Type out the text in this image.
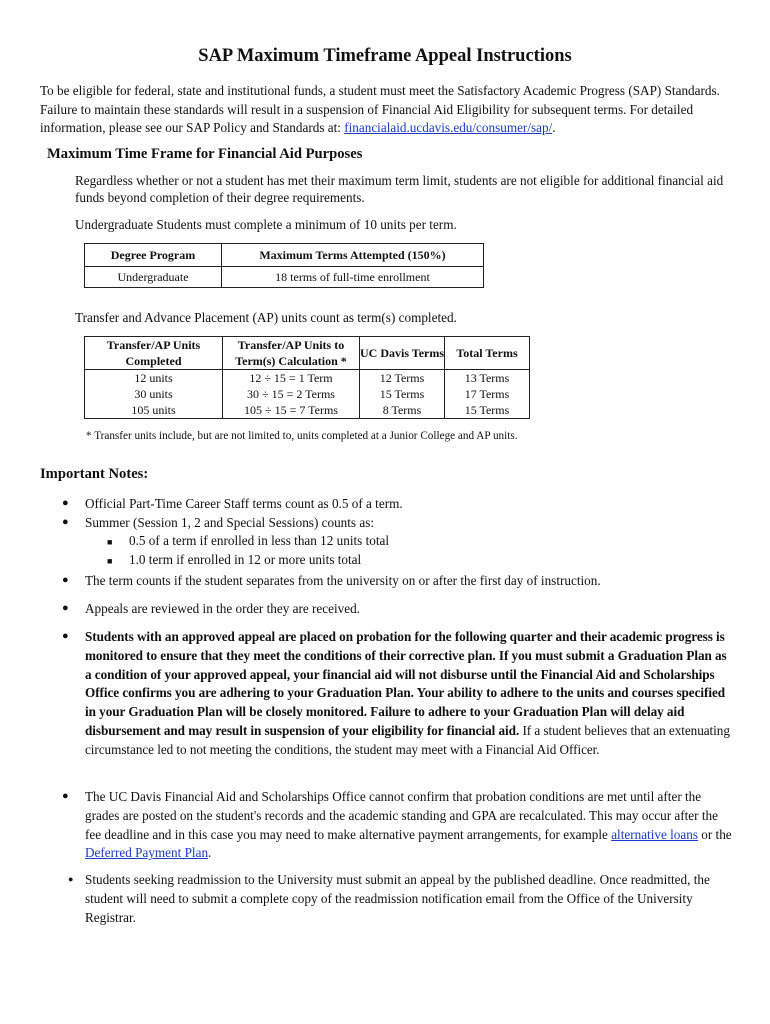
SAP Maximum Timeframe Appeal Instructions

To be eligible for federal, state and institutional funds, a student must meet the Satisfactory Academic Progress (SAP) Standards. Failure to maintain these standards will result in a suspension of Financial Aid Eligibility for subsequent terms. For detailed information, please see our SAP Policy and Standards at: financialaid.ucdavis.edu/consumer/sap/.

Maximum Time Frame for Financial Aid Purposes

Regardless whether or not a student has met their maximum term limit, students are not eligible for additional financial aid funds beyond completion of their degree requirements.

Undergraduate Students must complete a minimum of 10 units per term.

Degree Program	Maximum Terms Attempted (150%)
Undergraduate	18 terms of full-time enrollment

Transfer and Advance Placement (AP) units count as term(s) completed.

Transfer/AP Units Completed	Transfer/AP Units to Term(s) Calculation *	UC Davis Terms	Total Terms
12 units	12 ÷ 15 = 1 Term	12 Terms	13 Terms
30 units	30 ÷ 15 = 2 Terms	15 Terms	17 Terms
105 units	105 ÷ 15 = 7 Terms	8 Terms	15 Terms

* Transfer units include, but are not limited to, units completed at a Junior College and AP units.

Important Notes:
● Official Part-Time Career Staff terms count as 0.5 of a term.

● Summer (Session 1, 2 and Special Sessions) counts as:

■ 0.5 of a term if enrolled in less than 12 units total

■ 1.0 term if enrolled in 12 or more units total

● The term counts if the student separates from the university on or after the first day of instruction.

● Appeals are reviewed in the order they are received.

● Students with an approved appeal are placed on probation for the following quarter and their academic progress is monitored to ensure that they meet the conditions of their corrective plan. If you must submit a Graduation Plan as a condition of your approved appeal, your financial aid will not disburse until the Financial Aid and Scholarships Office confirms you are adhering to your Graduation Plan. Your ability to adhere to the units and courses specified in your Graduation Plan will be closely monitored. Failure to adhere to your Graduation Plan will delay aid disbursement and may result in suspension of your eligibility for financial aid. If a student believes that an extenuating circumstance led to not meeting the conditions, the student may meet with a Financial Aid Officer.

● The UC Davis Financial Aid and Scholarships Office cannot confirm that probation conditions are met until after the grades are posted on the student's records and the academic standing and GPA are recalculated. This may occur after the fee deadline and in this case you may need to make alternative payment arrangements, for example alternative loans or the Deferred Payment Plan.

● Students seeking readmission to the University must submit an appeal by the published deadline. Once readmitted, the student will need to submit a complete copy of the readmission notification email from the Office of the University Registrar.
